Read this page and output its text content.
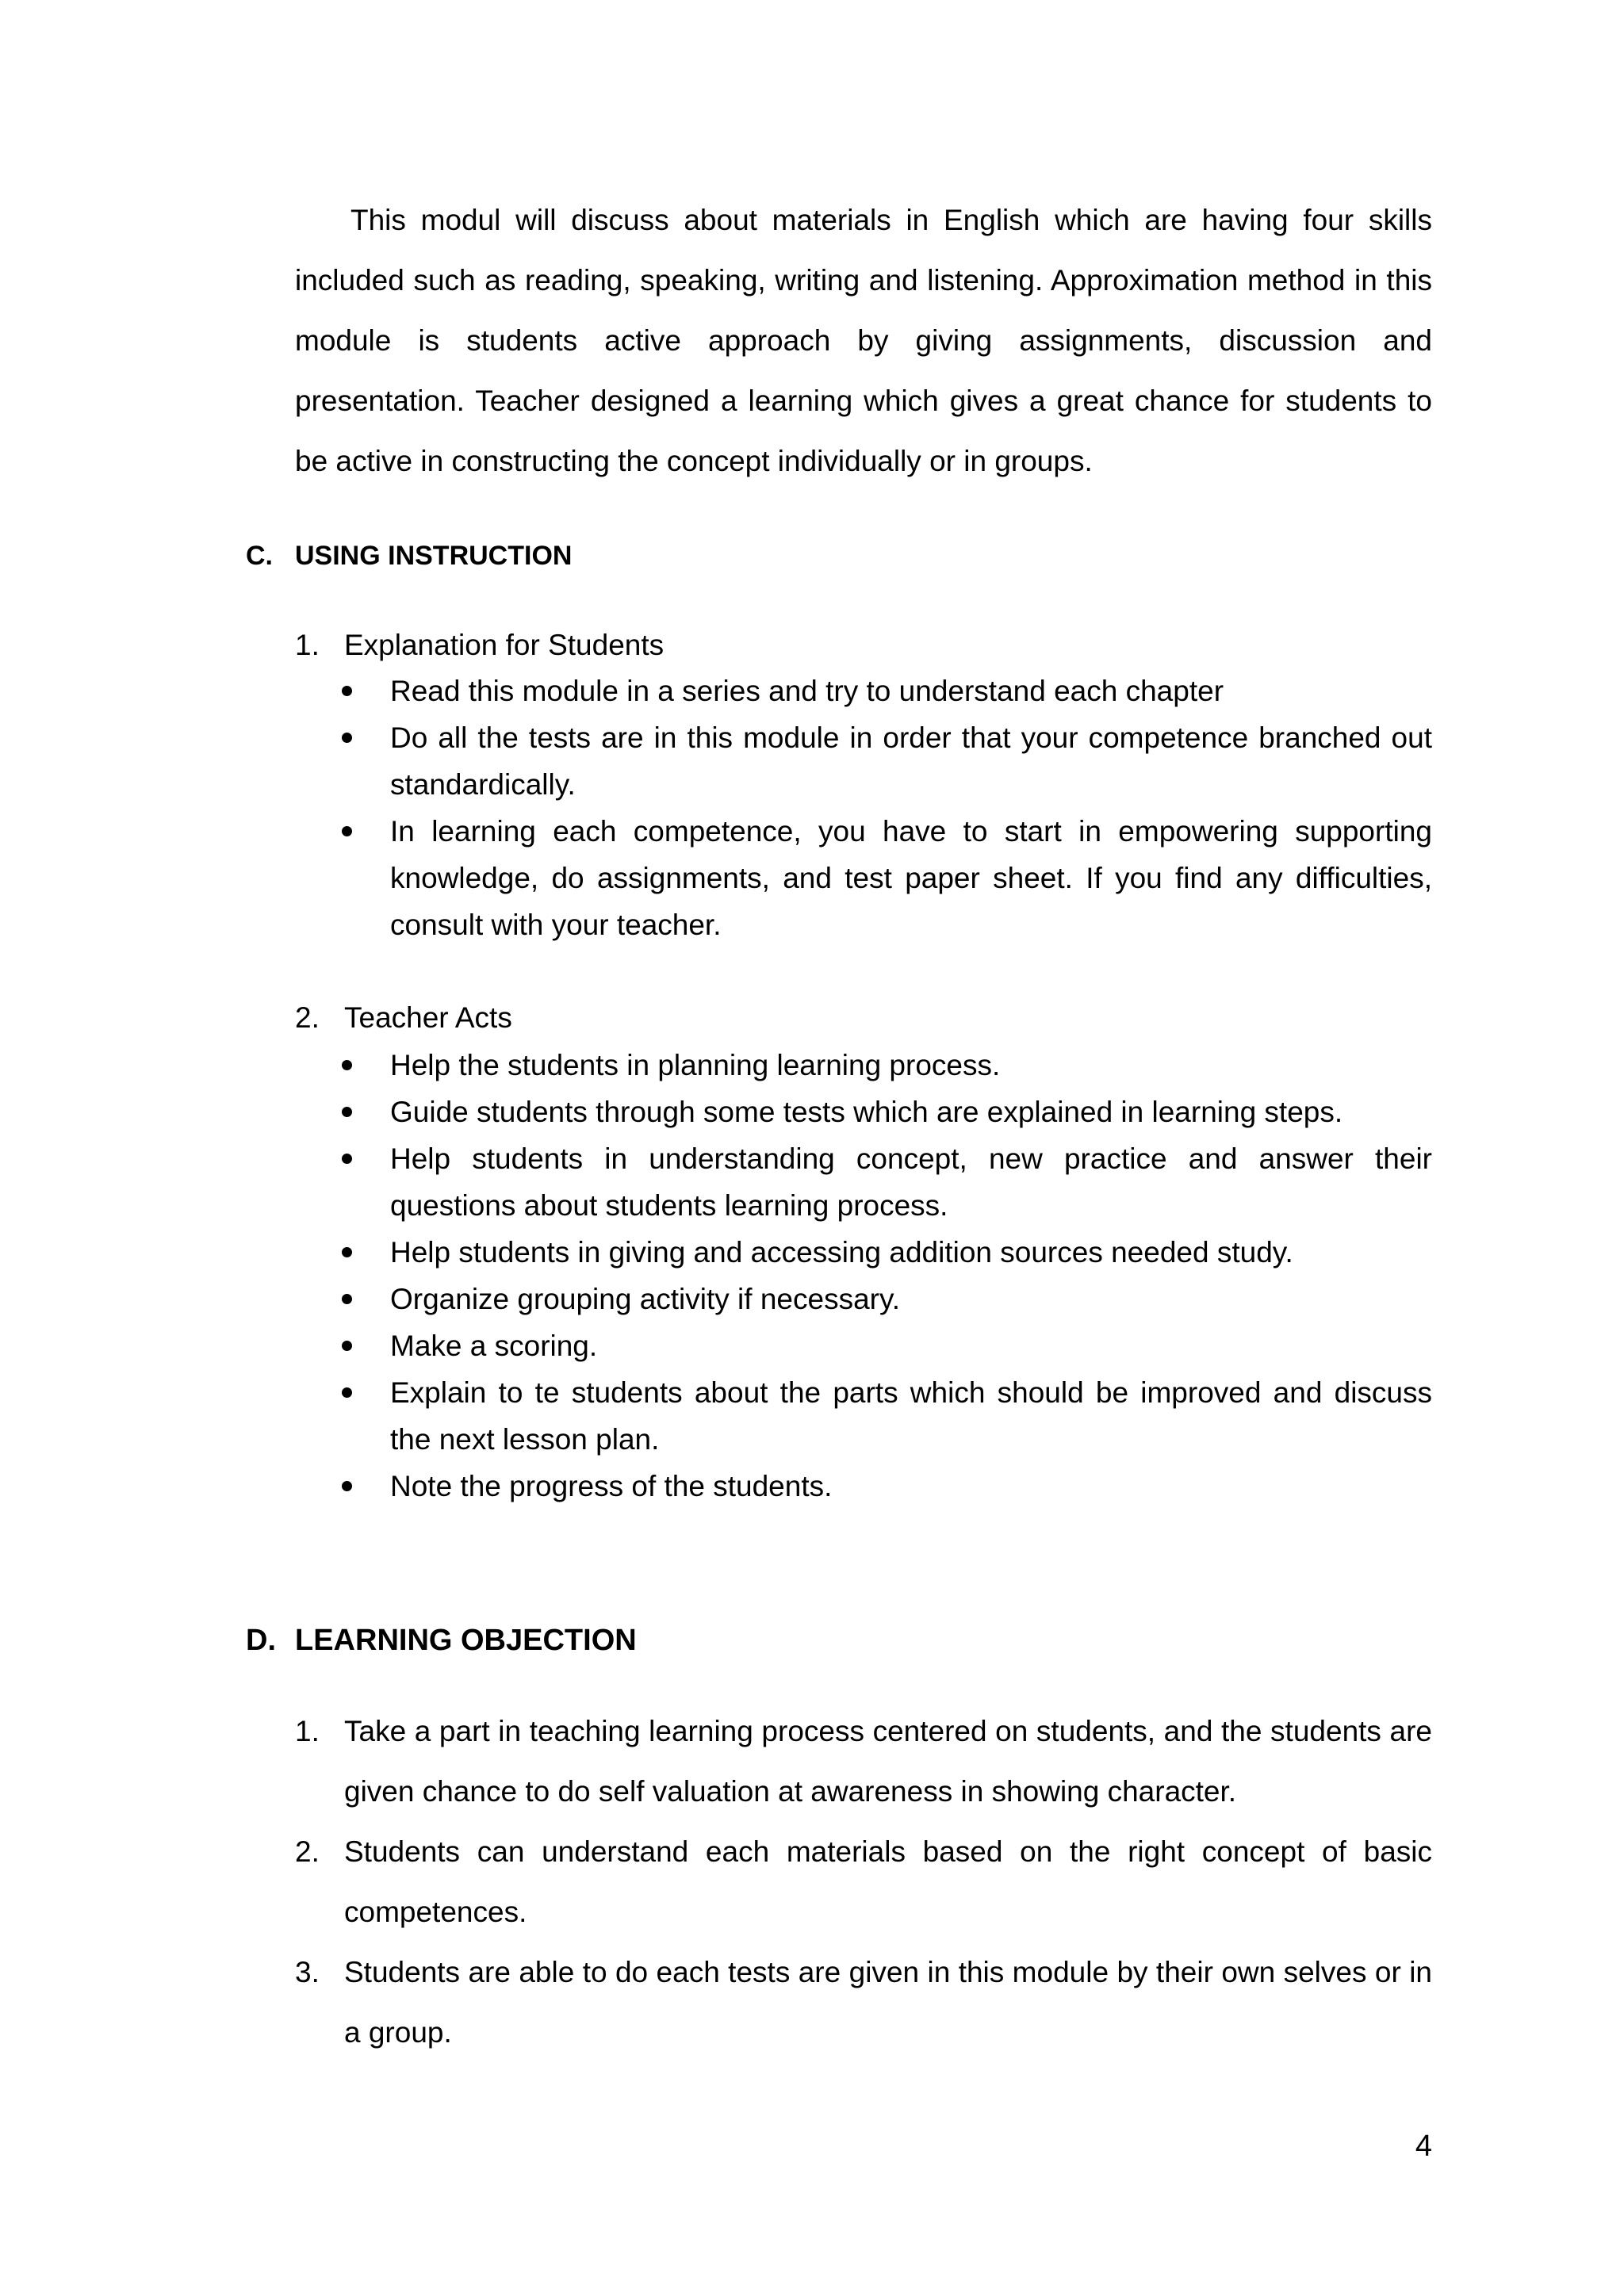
This modul will discuss about materials in English which are having four skills included such as reading, speaking, writing and listening. Approximation method in this module is students active approach by giving assignments, discussion and presentation. Teacher designed a learning which gives a great chance for students to be active in constructing the concept individually or in groups.

C. USING INSTRUCTION

1. Explanation for Students

Read this module in a series and try to understand each chapter
Do all the tests are in this module in order that your competence branched out standardically.
In learning each competence, you have to start in empowering supporting knowledge, do assignments, and test paper sheet. If you find any difficulties, consult with your teacher.

2. Teacher Acts

Help the students in planning learning process.
Guide students through some tests which are explained in learning steps.
Help students in understanding concept, new practice and answer their questions about students learning process.
Help students in giving and accessing addition sources needed study.
Organize grouping activity if necessary.
Make a scoring.
Explain to te students about the parts which should be improved and discuss the next lesson plan.
Note the progress of the students.

D. LEARNING OBJECTION

1. Take a part in teaching learning process centered on students, and the students are given chance to do self valuation at awareness in showing character.
2. Students can understand each materials based on the right concept of basic competences.
3. Students are able to do each tests are given in this module by their own selves or in a group.
4
